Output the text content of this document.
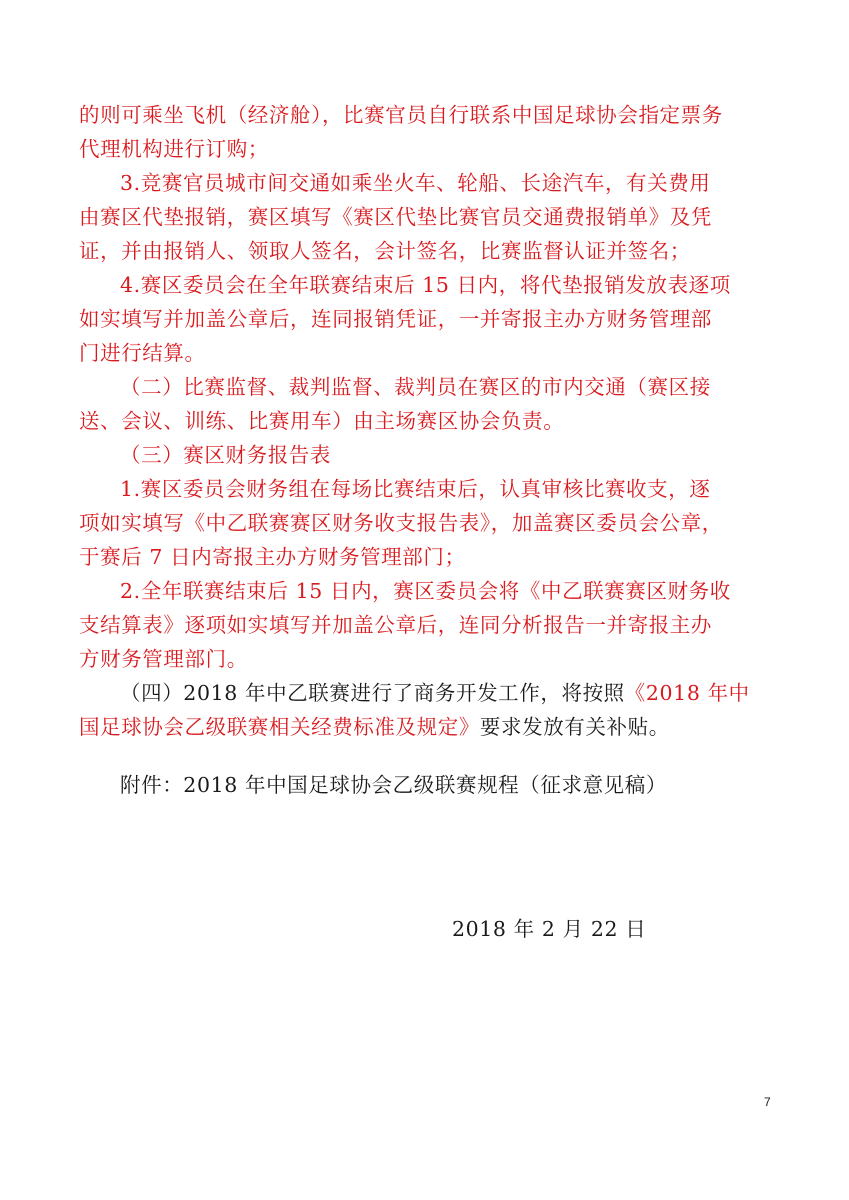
的则可乘坐飞机（经济舱），比赛官员自行联系中国足球协会指定票务
代理机构进行订购；
3.竞赛官员城市间交通如乘坐火车、轮船、长途汽车，有关费用
由赛区代垫报销，赛区填写《赛区代垫比赛官员交通费报销单》及凭
证，并由报销人、领取人签名，会计签名，比赛监督认证并签名；
4.赛区委员会在全年联赛结束后 15 日内，将代垫报销发放表逐项
如实填写并加盖公章后，连同报销凭证，一并寄报主办方财务管理部
门进行结算。
（二）比赛监督、裁判监督、裁判员在赛区的市内交通（赛区接
送、会议、训练、比赛用车）由主场赛区协会负责。
（三）赛区财务报告表
1.赛区委员会财务组在每场比赛结束后，认真审核比赛收支，逐
项如实填写《中乙联赛赛区财务收支报告表》，加盖赛区委员会公章，
于赛后 7 日内寄报主办方财务管理部门；
2.全年联赛结束后 15 日内，赛区委员会将《中乙联赛赛区财务收
支结算表》逐项如实填写并加盖公章后，连同分析报告一并寄报主办
方财务管理部门。
（四）2018 年中乙联赛进行了商务开发工作，将按照《2018 年中
国足球协会乙级联赛相关经费标准及规定》要求发放有关补贴。
附件：2018 年中国足球协会乙级联赛规程（征求意见稿）
2018 年 2 月 22 日
7
